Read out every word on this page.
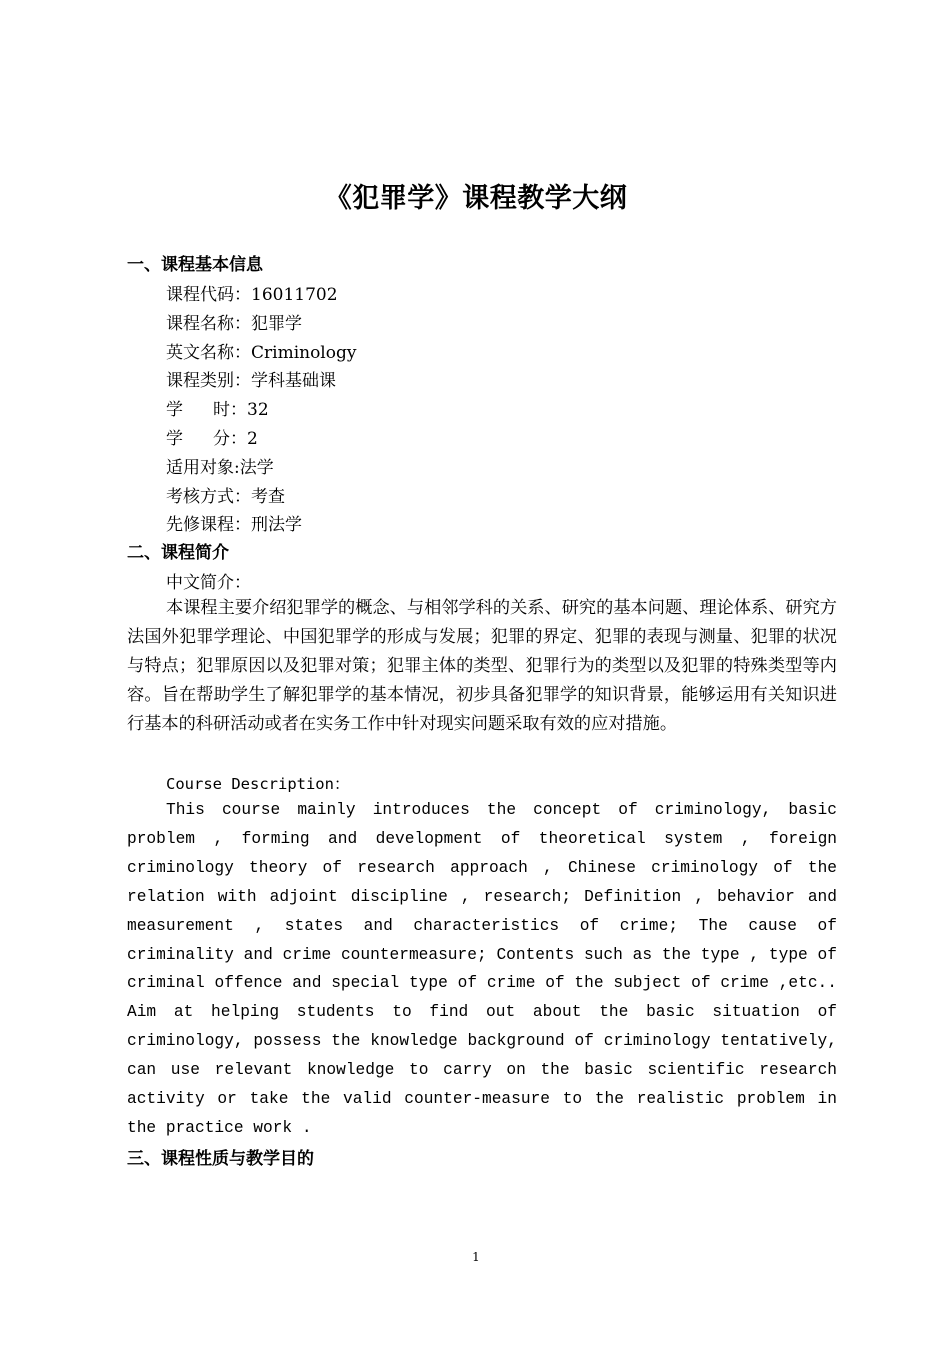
《犯罪学》课程教学大纲
一、课程基本信息
课程代码：16011702
课程名称：犯罪学
英文名称：Criminology
课程类别：学科基础课
学 时：32
学 分：2
适用对象:法学
考核方式：考查
先修课程：刑法学
二、课程简介
中文简介：

本课程主要介绍犯罪学的概念、与相邻学科的关系、研究的基本问题、理论体系、研究方法国外犯罪学理论、中国犯罪学的形成与发展；犯罪的界定、犯罪的表现与测量、犯罪的状况与特点；犯罪原因以及犯罪对策；犯罪主体的类型、犯罪行为的类型以及犯罪的特殊类型等内容。旨在帮助学生了解犯罪学的基本情况，初步具备犯罪学的知识背景，能够运用有关知识进行基本的科研活动或者在实务工作中针对现实问题采取有效的应对措施。

Course Description：

This course mainly introduces the concept of criminology, basic problem , forming and development of theoretical system , foreign criminology theory of research approach , Chinese criminology of the relation with adjoint discipline , research; Definition , behavior and measurement , states and characteristics of crime; The cause of criminality and crime countermeasure; Contents such as the type , type of criminal offence and special type of crime of the subject of crime ,etc.. Aim at helping students to find out about the basic situation of criminology, possess the knowledge background of criminology tentatively, can use relevant knowledge to carry on the basic scientific research activity or take the valid counter-measure to the realistic problem in the practice work .

三、课程性质与教学目的
1
